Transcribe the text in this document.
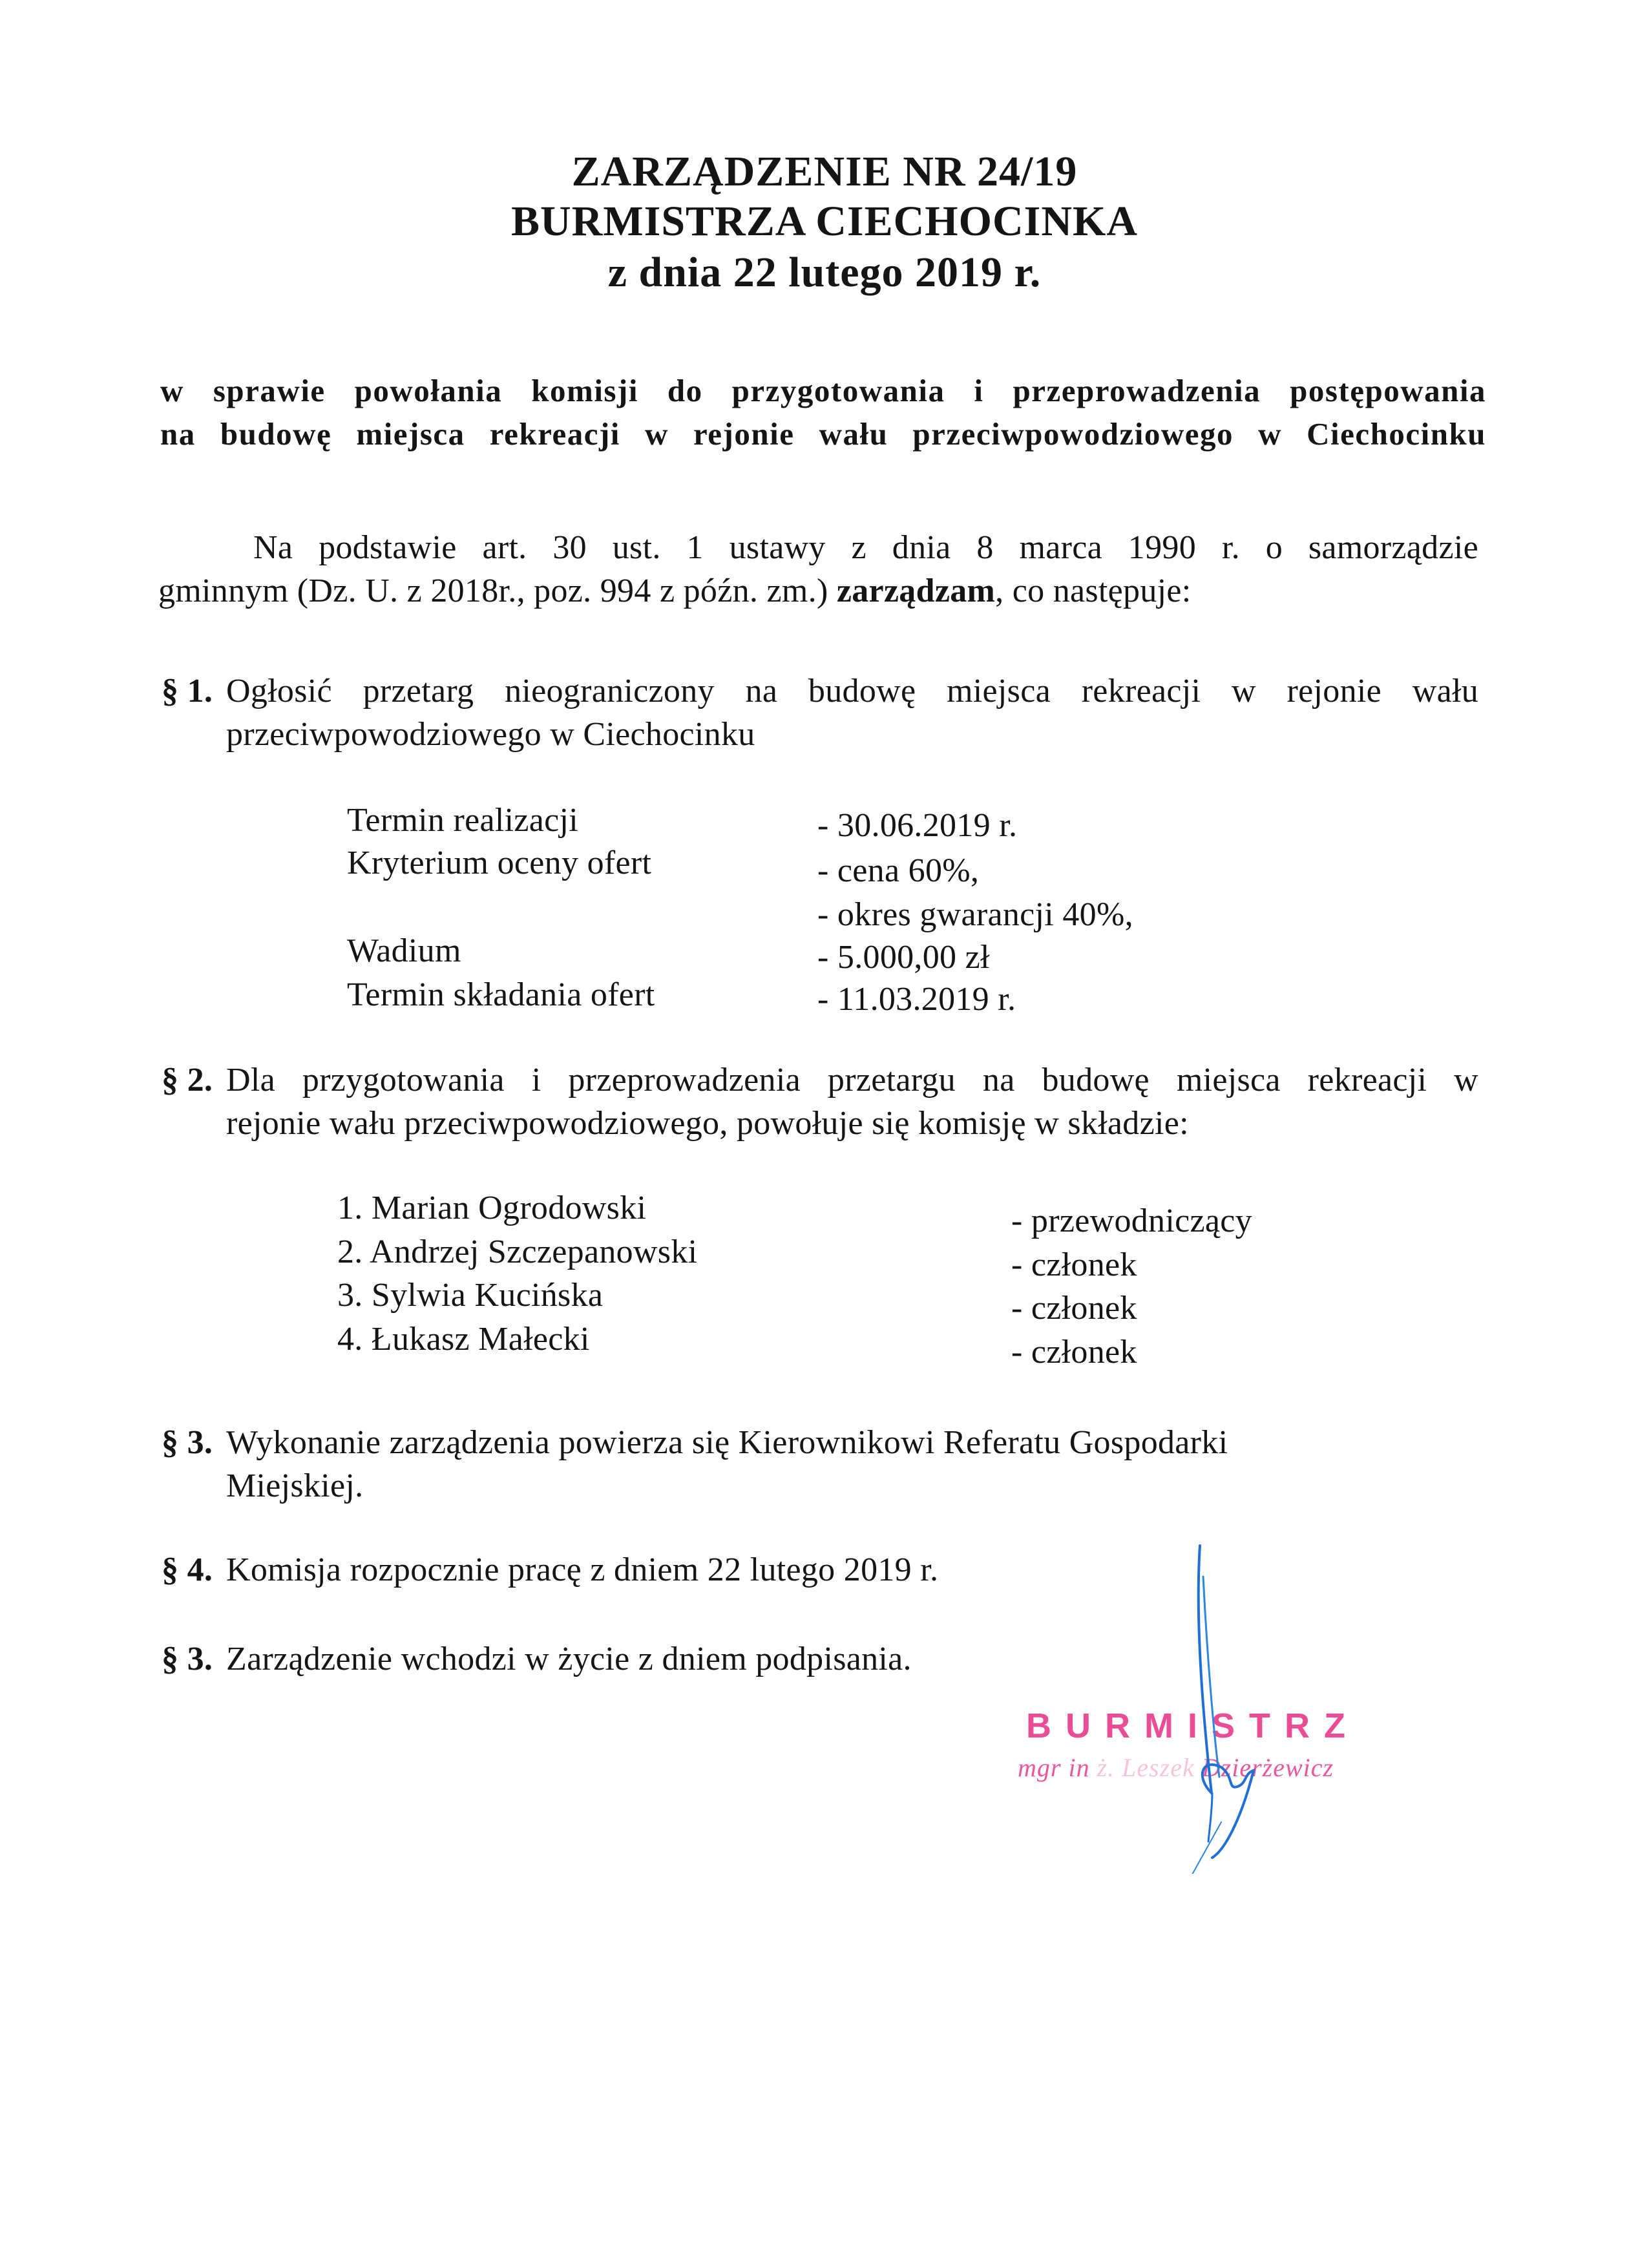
ZARZĄDZENIE NR 24/19
BURMISTRZA CIECHOCINKA
z dnia 22 lutego 2019 r.
w sprawie powołania komisji do przygotowania i przeprowadzenia postępowania
na budowę miejsca rekreacji w rejonie wału przeciwpowodziowego w Ciechocinku
Na podstawie art. 30 ust. 1 ustawy z dnia 8 marca 1990 r. o samorządzie
gminnym (Dz. U. z 2018r., poz. 994 z późn. zm.) zarządzam, co następuje:
§ 1. Ogłosić przetarg nieograniczony na budowę miejsca rekreacji w rejonie wału
przeciwpowodziowego w Ciechocinku
Termin realizacji	- 30.06.2019 r.
Kryterium oceny ofert	- cena 60%,
- okres gwarancji 40%,
Wadium	- 5.000,00 zł
Termin składania ofert	- 11.03.2019 r.
§ 2. Dla przygotowania i przeprowadzenia przetargu na budowę miejsca rekreacji w
rejonie wału przeciwpowodziowego, powołuje się komisję w składzie:
1. Marian Ogrodowski	- przewodniczący
2. Andrzej Szczepanowski	- członek
3. Sylwia Kucińska	- członek
4. Łukasz Małecki	- członek
§ 3. Wykonanie zarządzenia powierza się Kierownikowi Referatu Gospodarki
Miejskiej.
§ 4. Komisja rozpocznie pracę z dniem 22 lutego 2019 r.
§ 3. Zarządzenie wchodzi w życie z dniem podpisania.
BURMISTRZ
mgr in ż. Leszek Dzierżewicz
